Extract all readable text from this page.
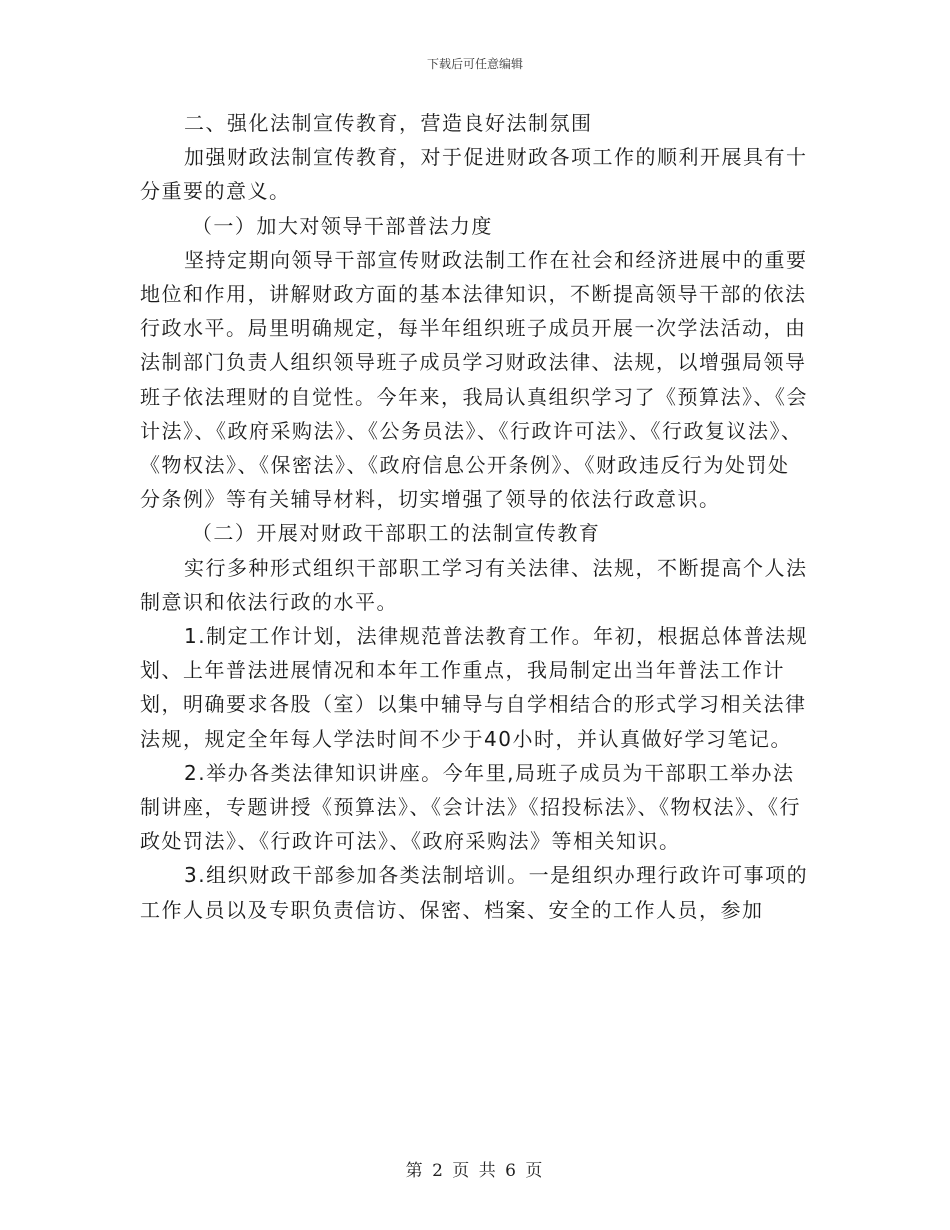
下载后可任意编辑

二、强化法制宣传教育，营造良好法制氛围

加强财政法制宣传教育，对于促进财政各项工作的顺利开展具有十分重要的意义。

（一）加大对领导干部普法力度

坚持定期向领导干部宣传财政法制工作在社会和经济进展中的重要地位和作用，讲解财政方面的基本法律知识，不断提高领导干部的依法行政水平。局里明确规定，每半年组织班子成员开展一次学法活动，由法制部门负责人组织领导班子成员学习财政法律、法规，以增强局领导班子依法理财的自觉性。今年来，我局认真组织学习了《预算法》、《会计法》、《政府采购法》、《公务员法》、《行政许可法》、《行政复议法》、《物权法》、《保密法》、《政府信息公开条例》、《财政违反行为处罚处分条例》等有关辅导材料，切实增强了领导的依法行政意识。

（二）开展对财政干部职工的法制宣传教育

实行多种形式组织干部职工学习有关法律、法规，不断提高个人法制意识和依法行政的水平。

1.制定工作计划，法律规范普法教育工作。年初，根据总体普法规划、上年普法进展情况和本年工作重点，我局制定出当年普法工作计划，明确要求各股（室）以集中辅导与自学相结合的形式学习相关法律法规，规定全年每人学法时间不少于40小时，并认真做好学习笔记。

2.举办各类法律知识讲座。今年里,局班子成员为干部职工举办法制讲座，专题讲授《预算法》、《会计法》《招投标法》、《物权法》、《行政处罚法》、《行政许可法》、《政府采购法》等相关知识。

3.组织财政干部参加各类法制培训。一是组织办理行政许可事项的工作人员以及专职负责信访、保密、档案、安全的工作人员，参加

第 2 页 共 6 页
